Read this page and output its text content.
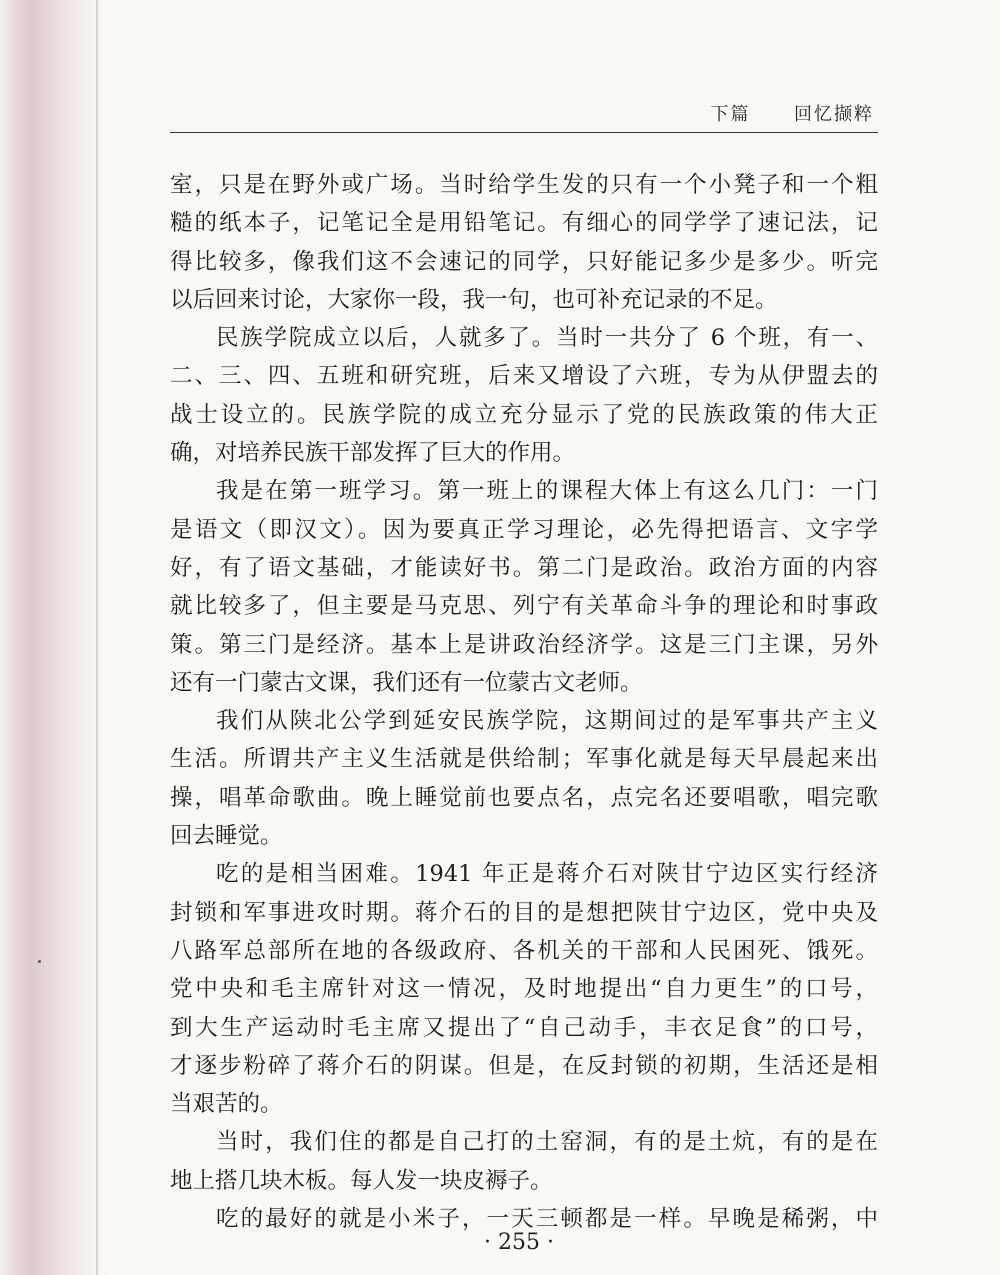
下篇  回忆撷粹
室，只是在野外或广场。当时给学生发的只有一个小凳子和一个粗
糙的纸本子，记笔记全是用铅笔记。有细心的同学学了速记法，记
得比较多，像我们这不会速记的同学，只好能记多少是多少。听完
以后回来讨论，大家你一段，我一句，也可补充记录的不足。
民族学院成立以后，人就多了。当时一共分了 6 个班，有一、
二、三、四、五班和研究班，后来又增设了六班，专为从伊盟去的
战士设立的。民族学院的成立充分显示了党的民族政策的伟大正
确，对培养民族干部发挥了巨大的作用。
我是在第一班学习。第一班上的课程大体上有这么几门：一门
是语文（即汉文）。因为要真正学习理论，必先得把语言、文字学
好，有了语文基础，才能读好书。第二门是政治。政治方面的内容
就比较多了，但主要是马克思、列宁有关革命斗争的理论和时事政
策。第三门是经济。基本上是讲政治经济学。这是三门主课，另外
还有一门蒙古文课，我们还有一位蒙古文老师。
我们从陕北公学到延安民族学院，这期间过的是军事共产主义
生活。所谓共产主义生活就是供给制；军事化就是每天早晨起来出
操，唱革命歌曲。晚上睡觉前也要点名，点完名还要唱歌，唱完歌
回去睡觉。
吃的是相当困难。1941 年正是蒋介石对陕甘宁边区实行经济
封锁和军事进攻时期。蒋介石的目的是想把陕甘宁边区，党中央及
八路军总部所在地的各级政府、各机关的干部和人民困死、饿死。
党中央和毛主席针对这一情况，及时地提出“自力更生”的口号，
到大生产运动时毛主席又提出了“自己动手，丰衣足食”的口号，
才逐步粉碎了蒋介石的阴谋。但是，在反封锁的初期，生活还是相
当艰苦的。
当时，我们住的都是自己打的土窑洞，有的是土炕，有的是在
地上搭几块木板。每人发一块皮褥子。
吃的最好的就是小米子，一天三顿都是一样。早晚是稀粥，中
· 255 ·
